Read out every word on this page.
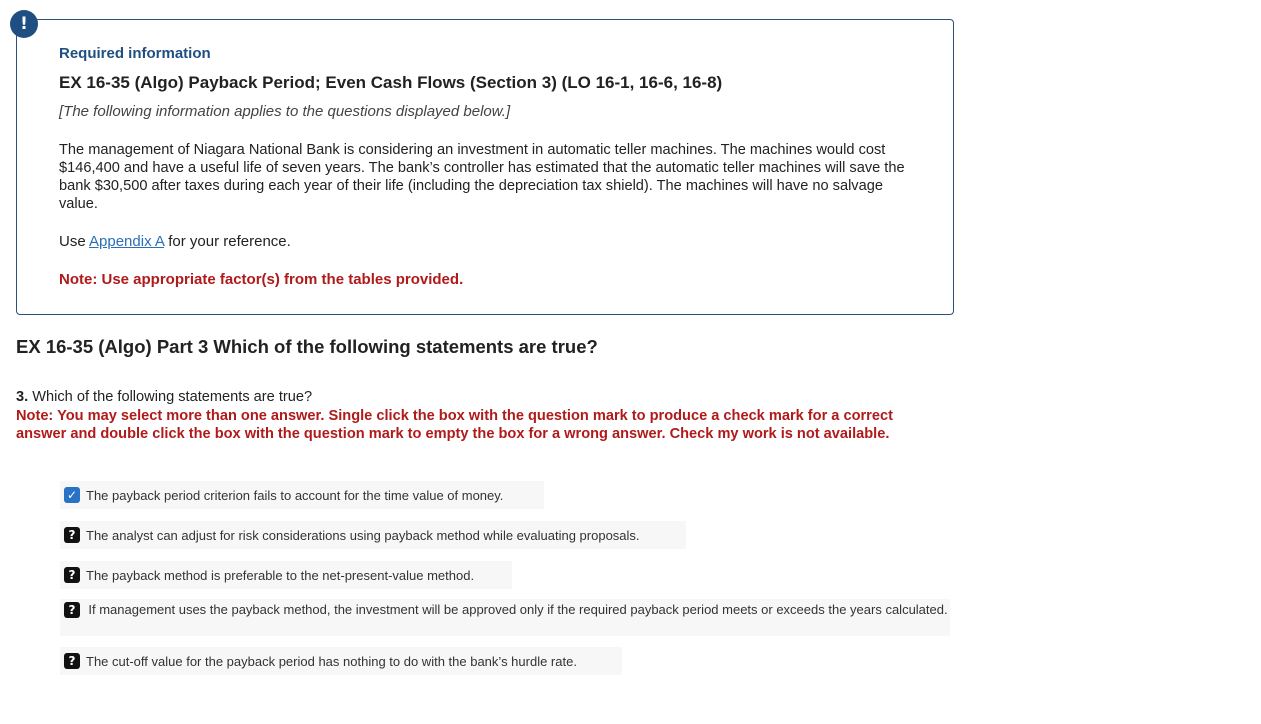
!
Required information
EX 16-35 (Algo) Payback Period; Even Cash Flows (Section 3) (LO 16-1, 16-6, 16-8)
[The following information applies to the questions displayed below.]
The management of Niagara National Bank is considering an investment in automatic teller machines. The machines would cost $146,400 and have a useful life of seven years. The bank’s controller has estimated that the automatic teller machines will save the bank $30,500 after taxes during each year of their life (including the depreciation tax shield). The machines will have no salvage value.
Use Appendix A for your reference.
Note: Use appropriate factor(s) from the tables provided.
EX 16-35 (Algo) Part 3 Which of the following statements are true?
3. Which of the following statements are true?
Note: You may select more than one answer. Single click the box with the question mark to produce a check mark for a correct answer and double click the box with the question mark to empty the box for a wrong answer. Check my work is not available.
✓ The payback period criterion fails to account for the time value of money.
? The analyst can adjust for risk considerations using payback method while evaluating proposals.
? The payback method is preferable to the net-present-value method.
? If management uses the payback method, the investment will be approved only if the required payback period meets or exceeds the years calculated.
? The cut-off value for the payback period has nothing to do with the bank’s hurdle rate.
